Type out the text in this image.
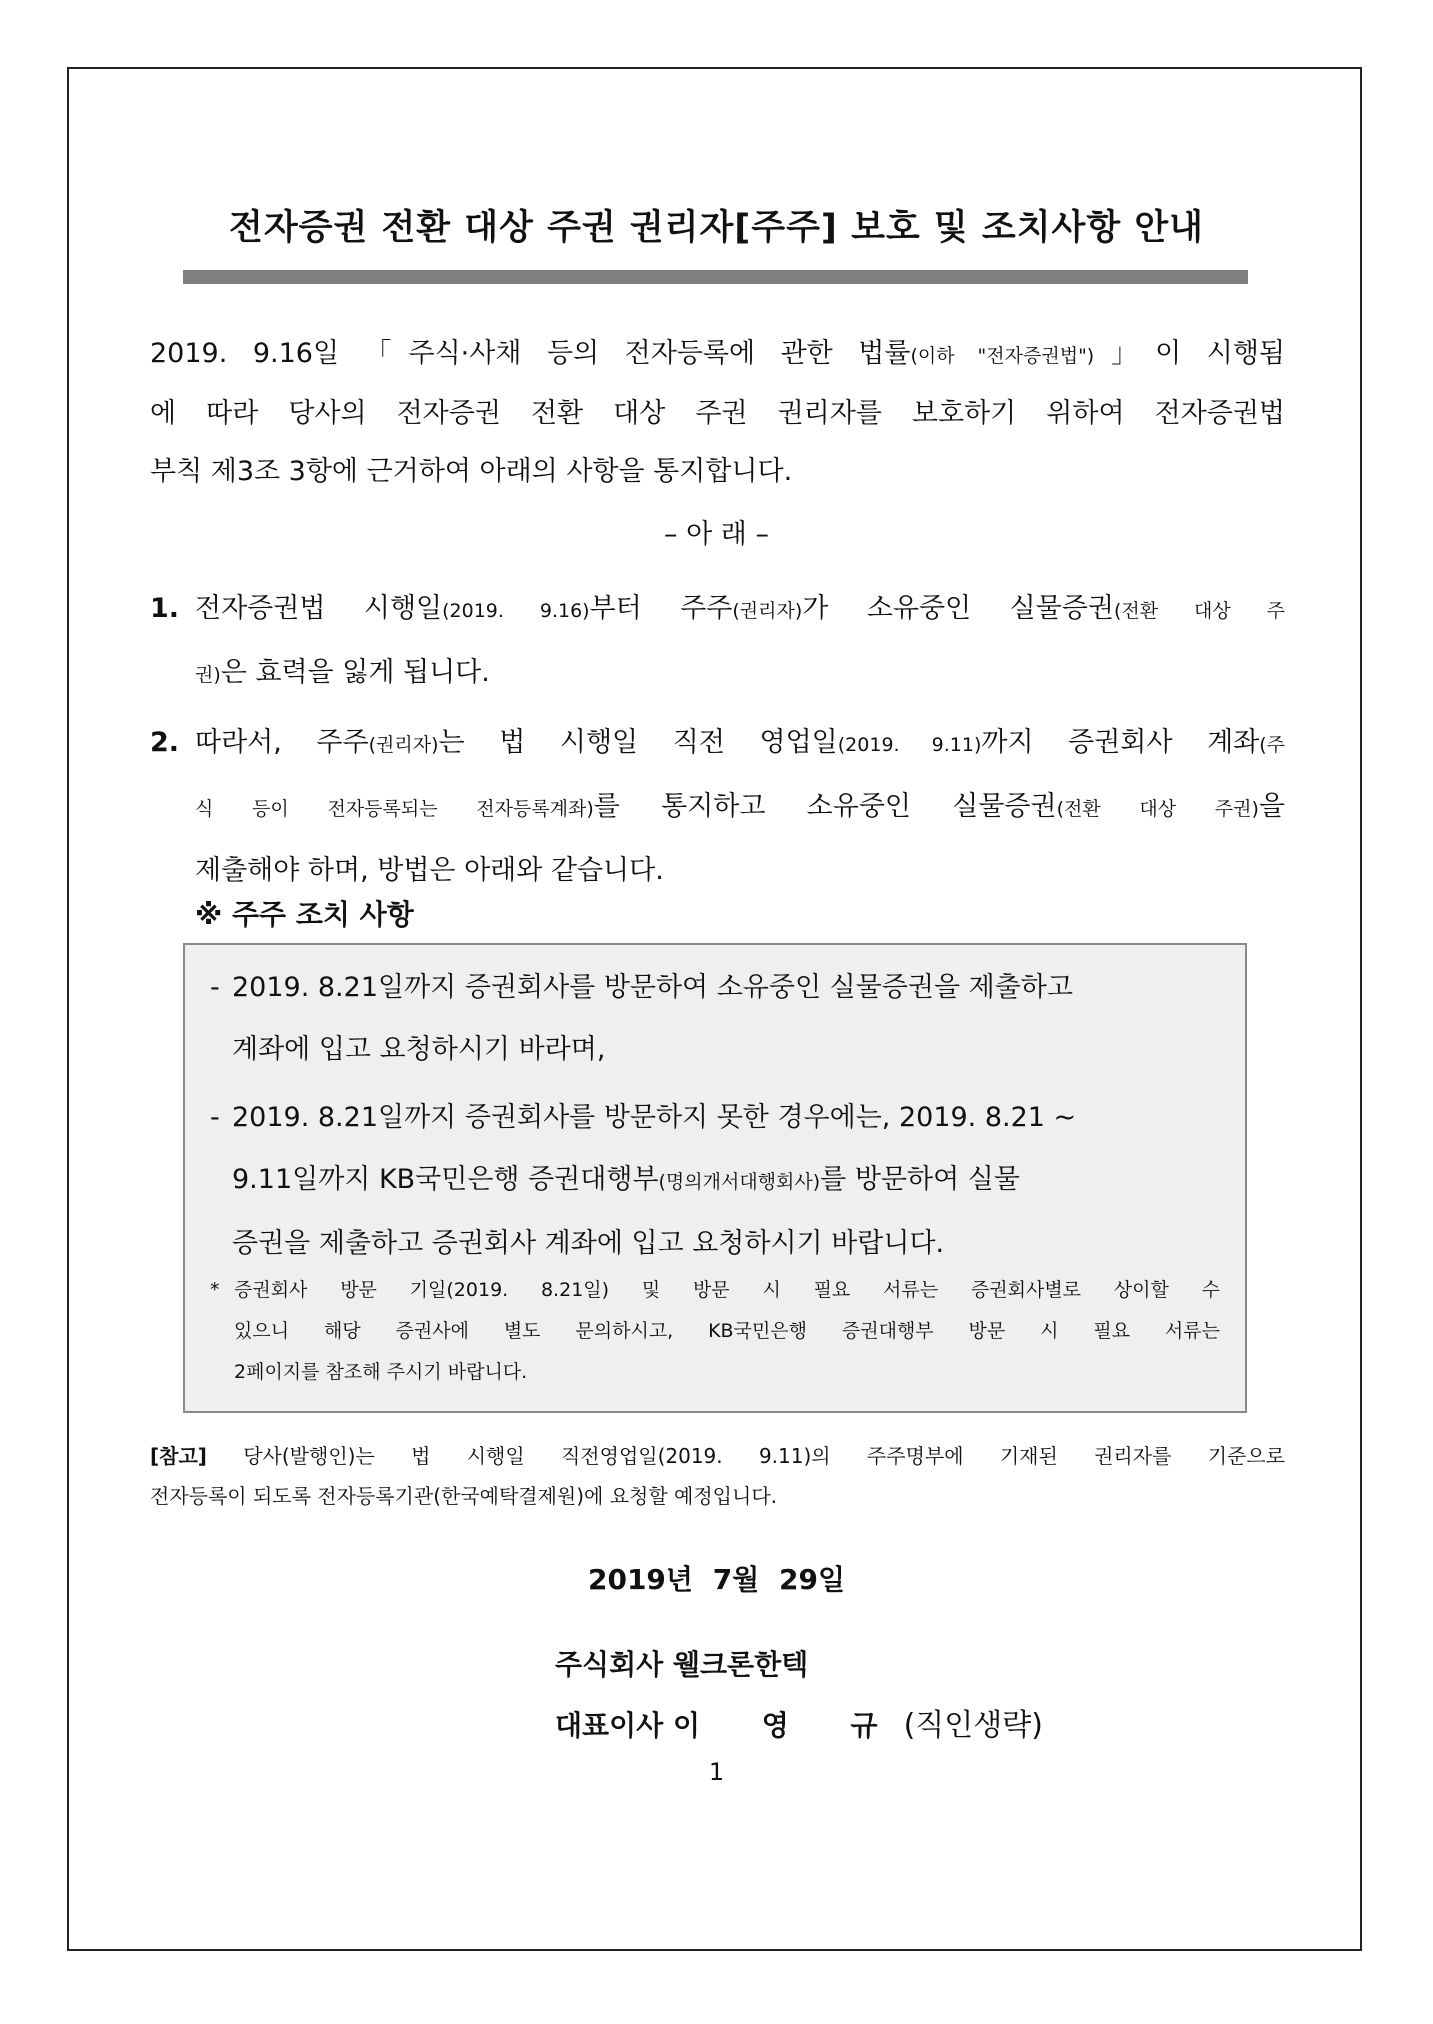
전자증권 전환 대상 주권 권리자[주주] 보호 및 조치사항 안내
2019. 9.16일 「주식·사채 등의 전자등록에 관한 법률(이하 "전자증권법")」이 시행됨
에 따라 당사의 전자증권 전환 대상 주권 권리자를 보호하기 위하여 전자증권법
부칙 제3조 3항에 근거하여 아래의 사항을 통지합니다.
– 아 래 –
1. 전자증권법 시행일(2019. 9.16)부터 주주(권리자)가 소유중인 실물증권(전환 대상 주
권)은 효력을 잃게 됩니다.
2. 따라서, 주주(권리자)는 법 시행일 직전 영업일(2019. 9.11)까지 증권회사 계좌(주
식 등이 전자등록되는 전자등록계좌)를 통지하고 소유중인 실물증권(전환 대상 주권)을
제출해야 하며, 방법은 아래와 같습니다.
※ 주주 조치 사항
- 2019. 8.21일까지 증권회사를 방문하여 소유중인 실물증권을 제출하고
계좌에 입고 요청하시기 바라며,
- 2019. 8.21일까지 증권회사를 방문하지 못한 경우에는, 2019. 8.21 ~
9.11일까지 KB국민은행 증권대행부(명의개서대행회사)를 방문하여 실물
증권을 제출하고 증권회사 계좌에 입고 요청하시기 바랍니다.
* 증권회사 방문 기일(2019. 8.21일) 및 방문 시 필요 서류는 증권회사별로 상이할 수
있으니 해당 증권사에 별도 문의하시고, KB국민은행 증권대행부 방문 시 필요 서류는
2페이지를 참조해 주시기 바랍니다.
[참고] 당사(발행인)는 법 시행일 직전영업일(2019. 9.11)의 주주명부에 기재된 권리자를 기준으로
전자등록이 되도록 전자등록기관(한국예탁결제원)에 요청할 예정입니다.
2019년 7월 29일
주식회사 웰크론한텍
대표이사 이 영 규(직인생략)
1
